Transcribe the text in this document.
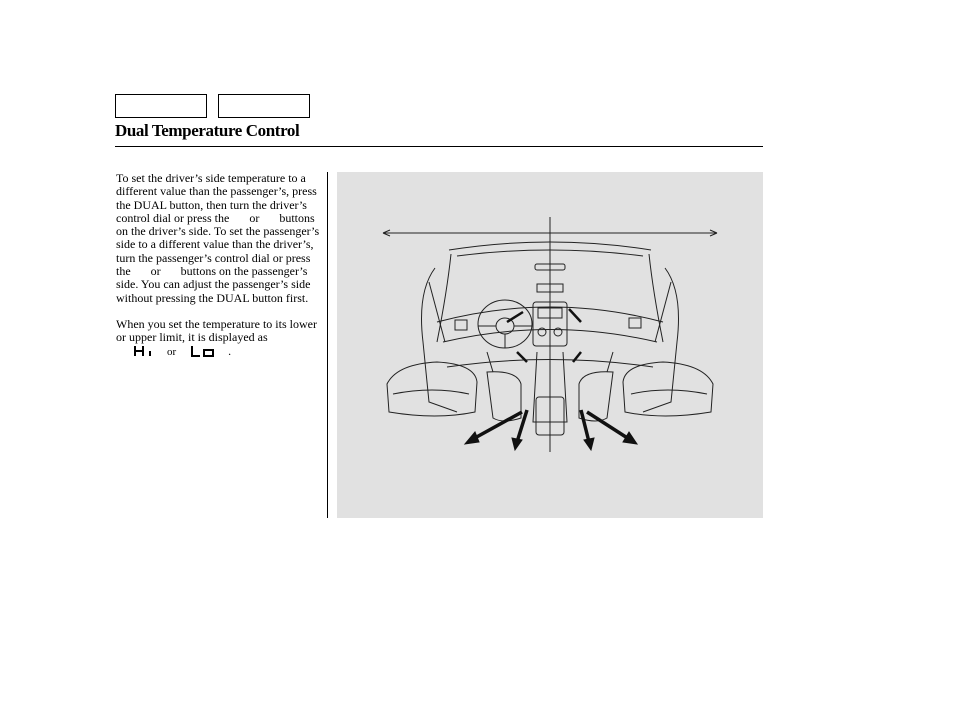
Dual Temperature Control

To set the driver’s side temperature to a different value than the passenger’s, press the DUAL button, then turn the driver’s control dial or press the or buttons on the driver’s side. To set the passenger’s side to a different value than the driver’s, turn the passenger’s control dial or press the or buttons on the passenger’s side. You can adjust the passenger’s side without pressing the DUAL button first.

When you set the temperature to its lower or upper limit, it is displayed as

H
or
Lo
.
